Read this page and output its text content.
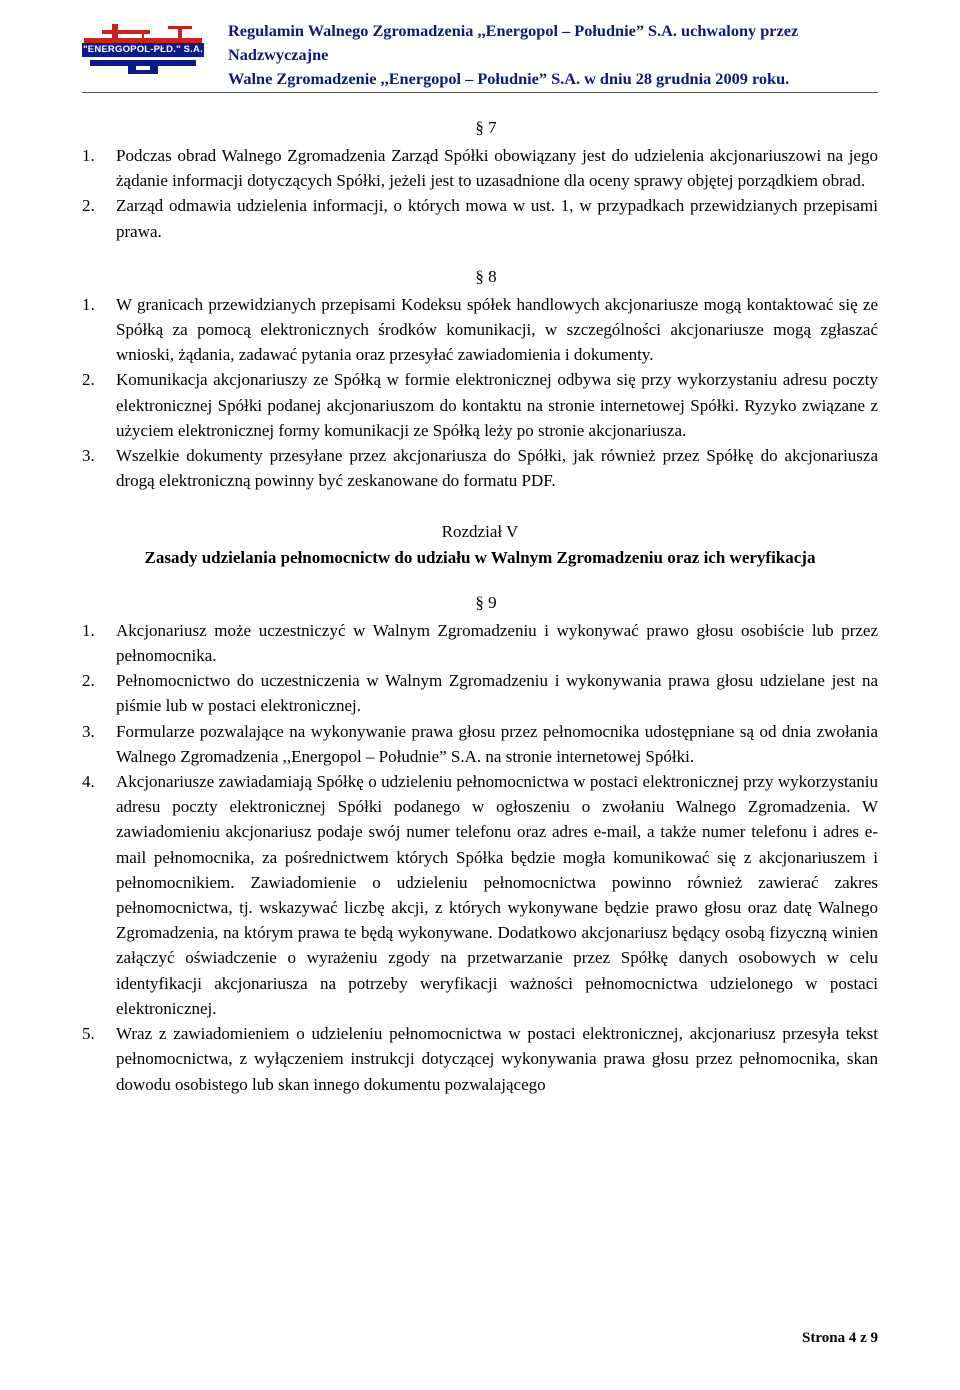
"ENERGOPOL-PŁD." S.A.
Regulamin Walnego Zgromadzenia ,,Energopol – Południe” S.A. uchwalony przez Nadzwyczajne
Walne Zgromadzenie ,,Energopol – Południe” S.A. w dniu 28 grudnia 2009 roku.

§ 7

1. Podczas obrad Walnego Zgromadzenia Zarząd Spółki obowiązany jest do udzielenia akcjonariuszowi na jego żądanie informacji dotyczących Spółki, jeżeli jest to uzasadnione dla oceny sprawy objętej porządkiem obrad.
2. Zarząd odmawia udzielenia informacji, o których mowa w ust. 1, w przypadkach przewidzianych przepisami prawa.

§ 8

1. W granicach przewidzianych przepisami Kodeksu spółek handlowych akcjonariusze mogą kontaktować się ze Spółką za pomocą elektronicznych środków komunikacji, w szczególności akcjonariusze mogą zgłaszać wnioski, żądania, zadawać pytania oraz przesyłać zawiadomienia i dokumenty.
2. Komunikacja akcjonariuszy ze Spółką w formie elektronicznej odbywa się przy wykorzystaniu adresu poczty elektronicznej Spółki podanej akcjonariuszom do kontaktu na stronie internetowej Spółki. Ryzyko związane z użyciem elektronicznej formy komunikacji ze Spółką leży po stronie akcjonariusza.
3. Wszelkie dokumenty przesyłane przez akcjonariusza do Spółki, jak również przez Spółkę do akcjonariusza drogą elektroniczną powinny być zeskanowane do formatu PDF.

Rozdział V

Zasady udzielania pełnomocnictw do udziału w Walnym Zgromadzeniu oraz ich weryfikacja

§ 9

1. Akcjonariusz może uczestniczyć w Walnym Zgromadzeniu i wykonywać prawo głosu osobiście lub przez pełnomocnika.
2. Pełnomocnictwo do uczestniczenia w Walnym Zgromadzeniu i wykonywania prawa głosu udzielane jest na piśmie lub w postaci elektronicznej.
3. Formularze pozwalające na wykonywanie prawa głosu przez pełnomocnika udostępniane są od dnia zwołania Walnego Zgromadzenia ,,Energopol – Południe” S.A. na stronie internetowej Spółki.
4. Akcjonariusze zawiadamiają Spółkę o udzieleniu pełnomocnictwa w postaci elektronicznej przy wykorzystaniu adresu poczty elektronicznej Spółki podanego w ogłoszeniu o zwołaniu Walnego Zgromadzenia. W zawiadomieniu akcjonariusz podaje swój numer telefonu oraz adres e-mail, a także numer telefonu i adres e-mail pełnomocnika, za pośrednictwem których Spółka będzie mogła komunikować się z akcjonariuszem i pełnomocnikiem. Zawiadomienie o udzieleniu pełnomocnictwa powinno również zawierać zakres pełnomocnictwa, tj. wskazywać liczbę akcji, z których wykonywane będzie prawo głosu oraz datę Walnego Zgromadzenia, na którym prawa te będą wykonywane. Dodatkowo akcjonariusz będący osobą fizyczną winien załączyć oświadczenie o wyrażeniu zgody na przetwarzanie przez Spółkę danych osobowych w celu identyfikacji akcjonariusza na potrzeby weryfikacji ważności pełnomocnictwa udzielonego w postaci elektronicznej.
5. Wraz z zawiadomieniem o udzieleniu pełnomocnictwa w postaci elektronicznej, akcjonariusz przesyła tekst pełnomocnictwa, z wyłączeniem instrukcji dotyczącej wykonywania prawa głosu przez pełnomocnika, skan dowodu osobistego lub skan innego dokumentu pozwalającego
Strona 4 z 9
